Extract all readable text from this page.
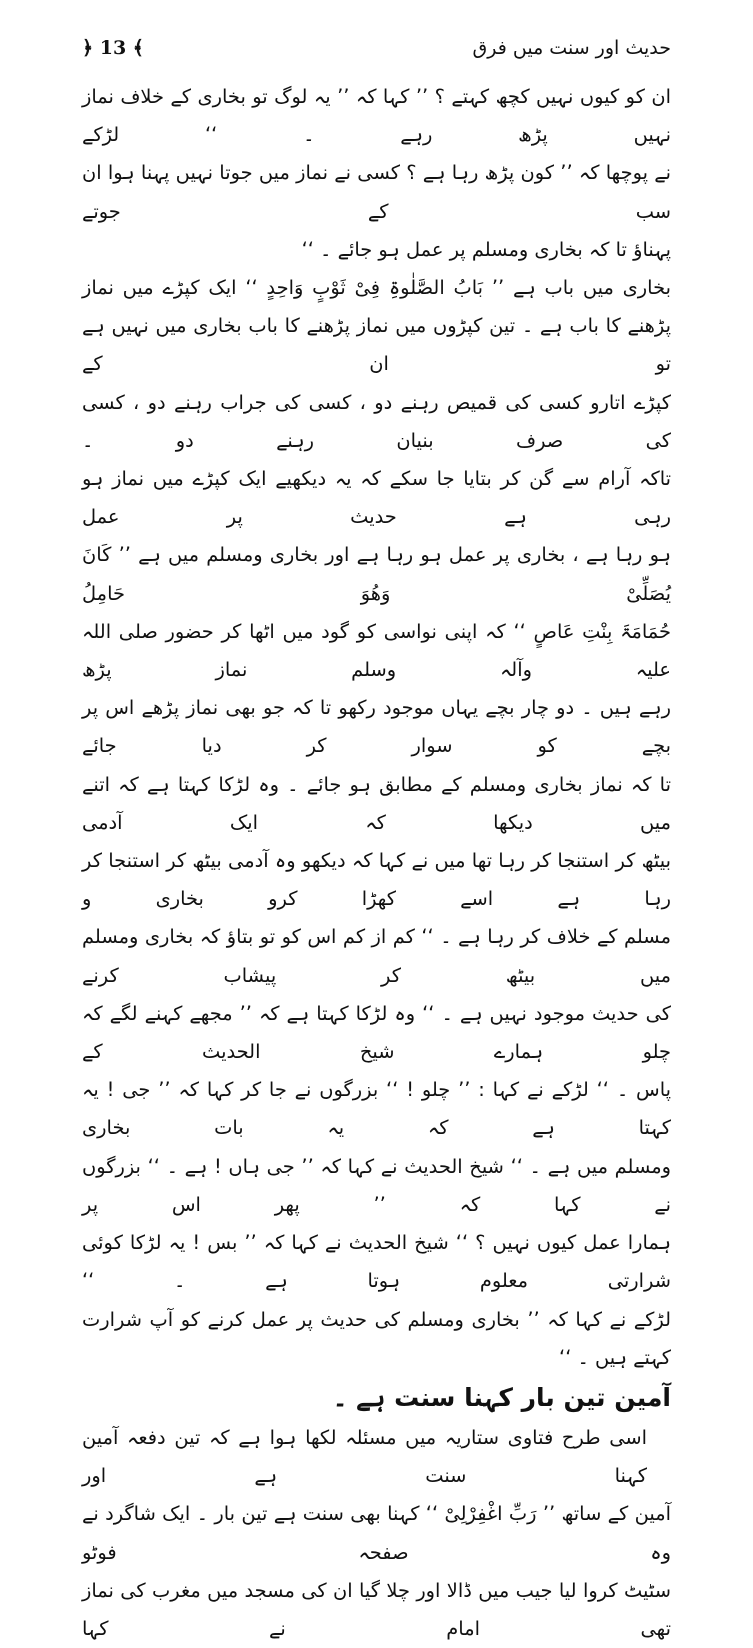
حدیث اور سنت میں فرق
﴿ 13 ﴾

ان کو کیوں نہیں کچھ کہتے ؟ ’’ کہا کہ ’’ یہ لوگ تو بخاری کے خلاف نماز نہیں پڑھ رہے ۔ ‘‘ لڑکے

نے پوچھا کہ ’’ کون پڑھ رہا ہے ؟ کسی نے نماز میں جوتا نہیں پہنا ہوا ان سب کے جوتے

پہناؤ تا کہ بخاری ومسلم پر عمل ہو جائے ۔ ‘‘

بخاری میں باب ہے ’’ بَابُ الصَّلٰوۃِ فِیْ ثَوْبٍ وَاحِدٍ ‘‘ ایک کپڑے میں نماز

پڑھنے کا باب ہے ۔ تین کپڑوں میں نماز پڑھنے کا باب بخاری میں نہیں ہے تو ان کے

کپڑے اتارو کسی کی قمیص رہنے دو ، کسی کی جراب رہنے دو ، کسی کی صرف بنیان رہنے دو ۔

تاکہ آرام سے گن کر بتایا جا سکے کہ یہ دیکھیے ایک کپڑے میں نماز ہو رہی ہے حدیث پر عمل

ہو رہا ہے ، بخاری پر عمل ہو رہا ہے اور بخاری ومسلم میں ہے ’’ کَانَ یُصَلِّیْ وَھُوَ حَامِلُ

حُمَامَۃَ بِنْتِ عَاصٍ ‘‘ کہ اپنی نواسی کو گود میں اٹھا کر حضور صلی اللہ علیہ وآلہ وسلم نماز پڑھ

رہے ہیں ۔ دو چار بچے یہاں موجود رکھو تا کہ جو بھی نماز پڑھے اس پر بچے کو سوار کر دیا جائے

تا کہ نماز بخاری ومسلم کے مطابق ہو جائے ۔ وہ لڑکا کہتا ہے کہ اتنے میں دیکھا کہ ایک آدمی

بیٹھ کر استنجا کر رہا تھا میں نے کہا کہ دیکھو وہ آدمی بیٹھ کر استنجا کر رہا ہے اسے کھڑا کرو بخاری و

مسلم کے خلاف کر رہا ہے ۔ ‘‘ کم از کم اس کو تو بتاؤ کہ بخاری ومسلم میں بیٹھ کر پیشاب کرنے

کی حدیث موجود نہیں ہے ۔ ‘‘ وہ لڑکا کہتا ہے کہ ’’ مجھے کہنے لگے کہ چلو ہمارے شیخ الحدیث کے

پاس ۔ ‘‘ لڑکے نے کہا : ’’ چلو ! ‘‘ بزرگوں نے جا کر کہا کہ ’’ جی ! یہ کہتا ہے کہ یہ بات بخاری

ومسلم میں ہے ۔ ‘‘ شیخ الحدیث نے کہا کہ ’’ جی ہاں ! ہے ۔ ‘‘ بزرگوں نے کہا کہ ’’ پھر اس پر

ہمارا عمل کیوں نہیں ؟ ‘‘ شیخ الحدیث نے کہا کہ ’’ بس ! یہ لڑکا کوئی شرارتی معلوم ہوتا ہے ۔ ‘‘

لڑکے نے کہا کہ ’’ بخاری ومسلم کی حدیث پر عمل کرنے کو آپ شرارت کہتے ہیں ۔ ‘‘

آمین تین بار کہنا سنت ہے ۔

اسی طرح فتاوی ستاریہ میں مسئلہ لکھا ہوا ہے کہ تین دفعہ آمین کہنا سنت ہے اور

آمین کے ساتھ ’’ رَبِّ اغْفِرْلِیْ ‘‘ کہنا بھی سنت ہے تین بار ۔ ایک شاگرد نے وہ صفحہ فوٹو

سٹیٹ کروا لیا جیب میں ڈالا اور چلا گیا ان کی مسجد میں مغرب کی نماز تھی امام نے کہا
